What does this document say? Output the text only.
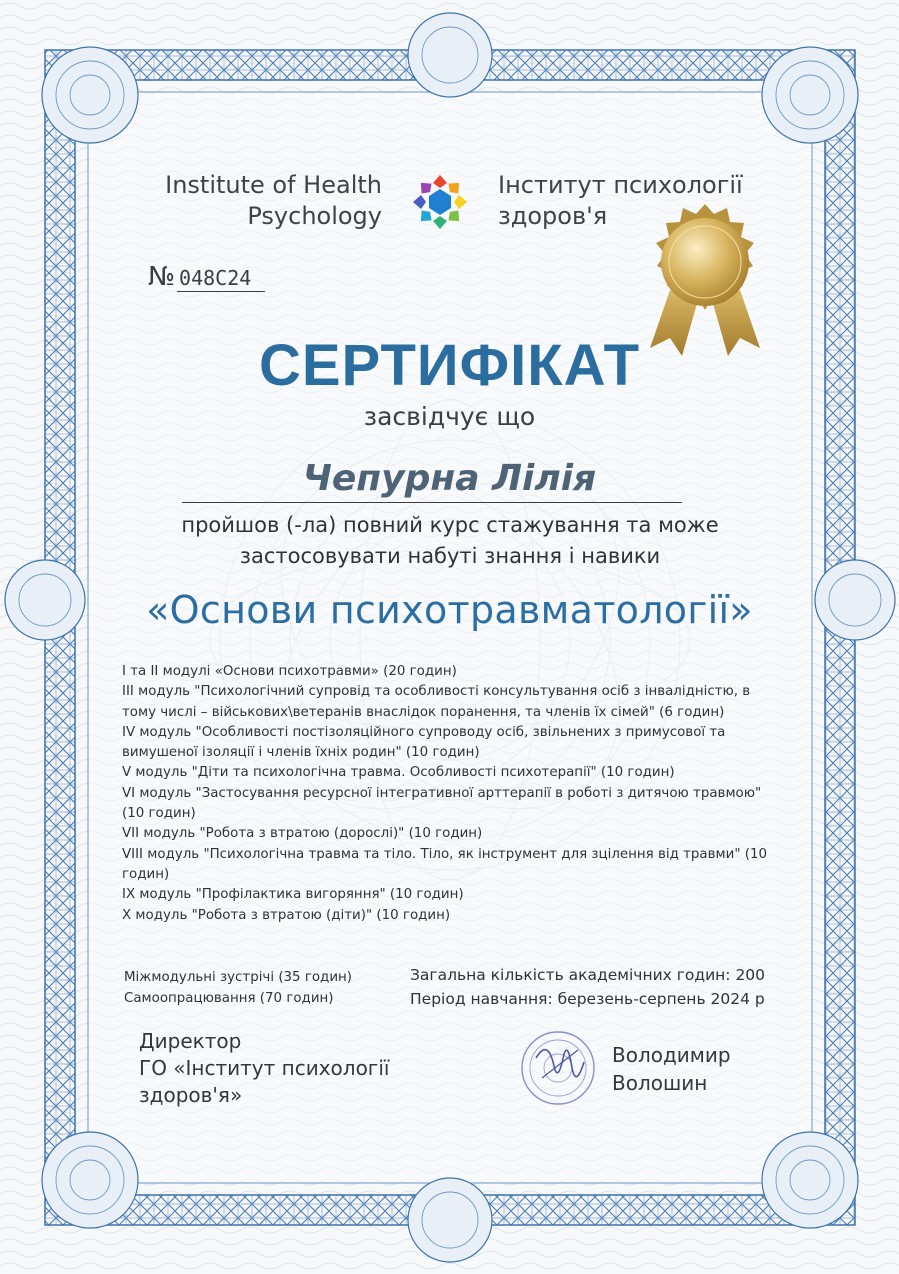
Institute of Health
Psychology

Інститут психології
здоров'я

№ 048C24

СЕРТИФІКАТ

засвідчує що

Чепурна Лілія

пройшов (-ла) повний курс стажування та може
застосовувати набуті знання і навики

«Основи психотравматології»

I та II модулі «Основи психотравми» (20 годин)
III модуль "Психологічний супровід та особливості консультування осіб з інвалідністю, в
тому числі – військових\ветеранів внаслідок поранення, та членів їх сімей" (6 годин)
IV модуль "Особливості постізоляційного супроводу осіб, звільнених з примусової та
вимушеної ізоляції і членів їхніх родин" (10 годин)
V модуль "Діти та психологічна травма. Особливості психотерапії" (10 годин)
VI модуль "Застосування ресурсної інтегративної арттерапії в роботі з дитячою травмою"
(10 годин)
VII модуль "Робота з втратою (дорослі)" (10 годин)
VIII модуль "Психологічна травма та тіло. Тіло, як інструмент для зцілення від травми" (10
годин)
IX модуль "Профілактика вигоряння" (10 годин)
X модуль "Робота з втратою (діти)" (10 годин)
Міжмодульні зустрічі (35 годин)
Самоопрацювання (70 годин)
Загальна кількість академічних годин: 200
Період навчання: березень-серпень 2024 р
Директор
ГО «Інститут психології
здоров'я»
Володимир
Волошин
